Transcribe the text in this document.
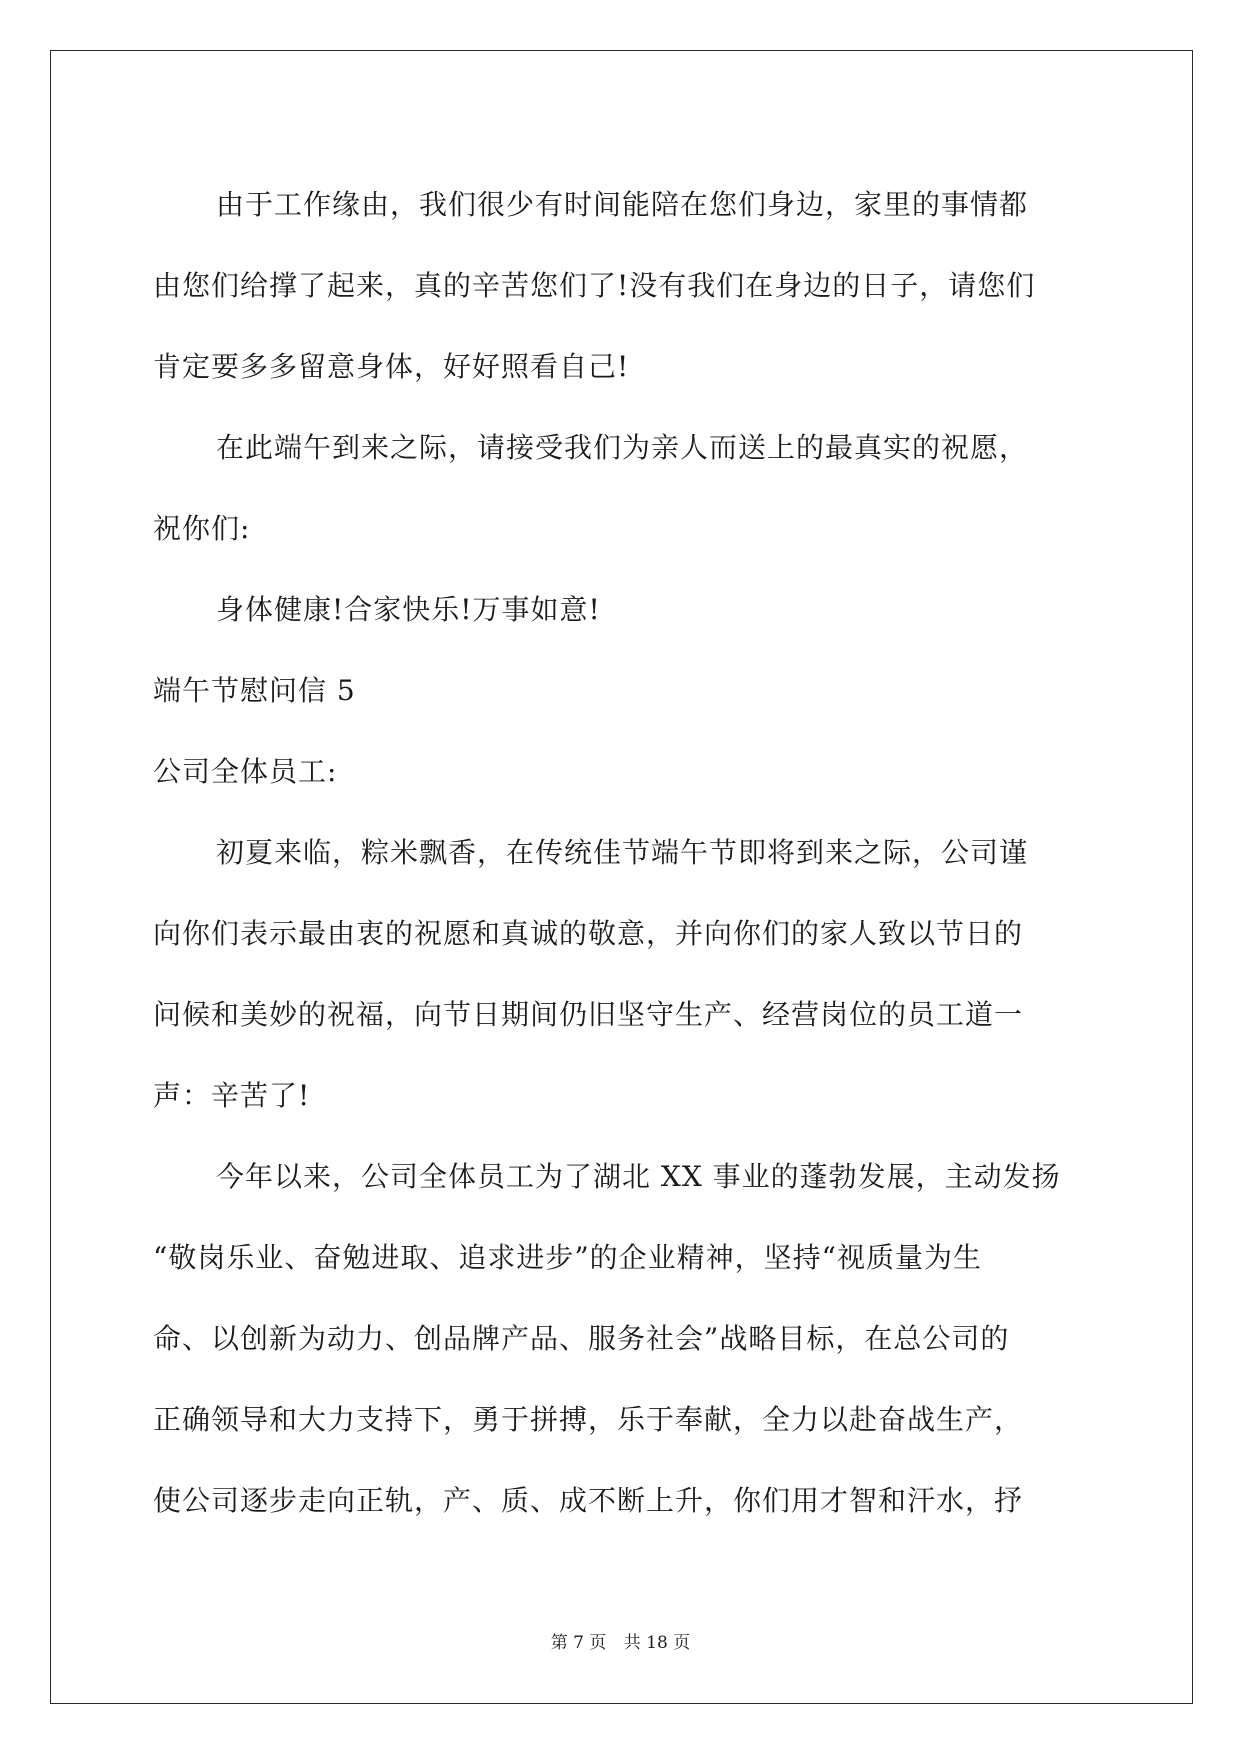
由于工作缘由，我们很少有时间能陪在您们身边，家里的事情都
由您们给撑了起来，真的辛苦您们了!没有我们在身边的日子，请您们
肯定要多多留意身体，好好照看自己!
在此端午到来之际，请接受我们为亲人而送上的最真实的祝愿，
祝你们:
身体健康!合家快乐!万事如意!
端午节慰问信 5
公司全体员工:
初夏来临，粽米飘香，在传统佳节端午节即将到来之际，公司谨
向你们表示最由衷的祝愿和真诚的敬意，并向你们的家人致以节日的
问候和美妙的祝福，向节日期间仍旧坚守生产、经营岗位的员工道一
声：辛苦了!
今年以来，公司全体员工为了湖北 XX 事业的蓬勃发展，主动发扬
“敬岗乐业、奋勉进取、追求进步”的企业精神，坚持“视质量为生
命、以创新为动力、创品牌产品、服务社会”战略目标，在总公司的
正确领导和大力支持下，勇于拼搏，乐于奉献，全力以赴奋战生产，
使公司逐步走向正轨，产、质、成不断上升，你们用才智和汗水，抒
第 7 页 共 18 页
